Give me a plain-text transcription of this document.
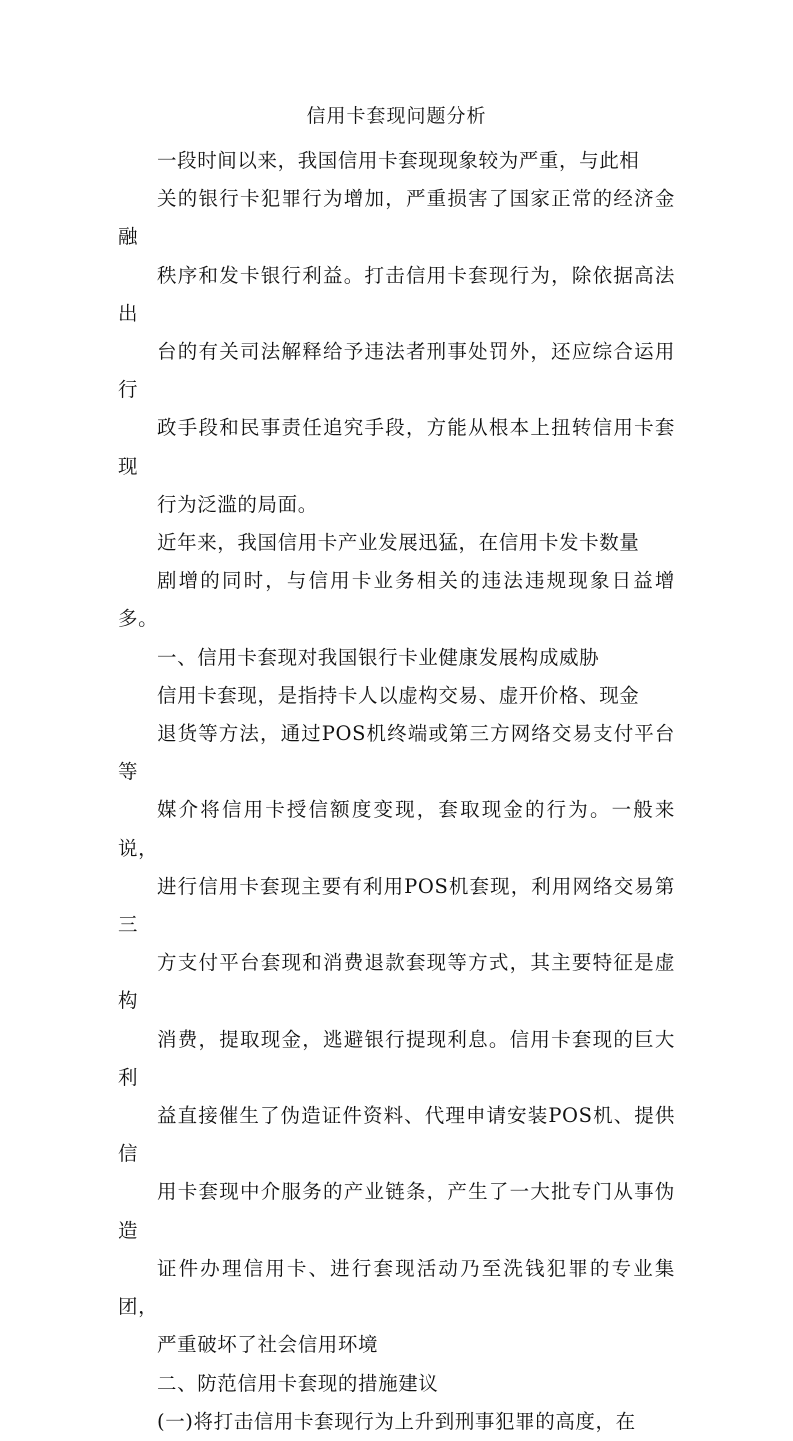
信用卡套现问题分析

一段时间以来，我国信用卡套现现象较为严重，与此相
关的银行卡犯罪行为增加，严重损害了国家正常的经济金融
秩序和发卡银行利益。打击信用卡套现行为，除依据高法出
台的有关司法解释给予违法者刑事处罚外，还应综合运用行
政手段和民事责任追究手段，方能从根本上扭转信用卡套现
行为泛滥的局面。

近年来，我国信用卡产业发展迅猛，在信用卡发卡数量
剧增的同时，与信用卡业务相关的违法违规现象日益增多。

一、信用卡套现对我国银行卡业健康发展构成威胁

信用卡套现，是指持卡人以虚构交易、虚开价格、现金
退货等方法，通过POS机终端或第三方网络交易支付平台等
媒介将信用卡授信额度变现，套取现金的行为。一般来说，
进行信用卡套现主要有利用POS机套现，利用网络交易第三
方支付平台套现和消费退款套现等方式，其主要特征是虚构
消费，提取现金，逃避银行提现利息。信用卡套现的巨大利
益直接催生了伪造证件资料、代理申请安装POS机、提供信
用卡套现中介服务的产业链条，产生了一大批专门从事伪造
证件办理信用卡、进行套现活动乃至洗钱犯罪的专业集团，
严重破坏了社会信用环境

二、防范信用卡套现的措施建议

(一)将打击信用卡套现行为上升到刑事犯罪的高度，在
